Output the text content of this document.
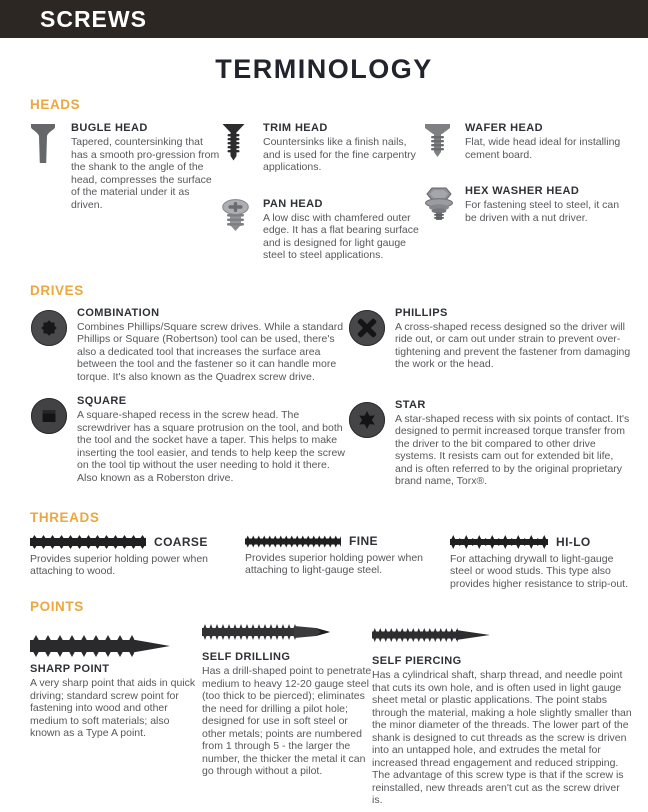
SCREWS
TERMINOLOGY
HEADS
BUGLE HEAD
Tapered, countersinking that has a smooth pro-gression from the shank to the angle of the head, compresses the surface of the material under it as driven.
TRIM HEAD
Countersinks like a finish nails, and is used for the fine carpentry applications.
PAN HEAD
A low disc with chamfered outer edge. It has a flat bearing surface and is designed for light gauge steel to steel applications.
WAFER HEAD
Flat, wide head ideal for installing cement board.
HEX WASHER HEAD
For fastening steel to steel, it can be driven with a nut driver.
DRIVES
COMBINATION
Combines Phillips/Square screw drives. While a standard Phillips or Square (Robertson) tool can be used, there's also a dedicated tool that increases the surface area between the tool and the fastener so it can handle more torque. It's also known as the Quadrex screw drive.
SQUARE
A square-shaped recess in the screw head. The screwdriver has a square protrusion on the tool, and both the tool and the socket have a taper. This helps to make inserting the tool easier, and tends to help keep the screw on the tool tip without the user needing to hold it there. Also known as a Roberston drive.
PHILLIPS
A cross-shaped recess designed so the driver will ride out, or cam out under strain to prevent over-tightening and prevent the fastener from damaging the work or the head.
STAR
A star-shaped recess with six points of contact. It's designed to permit increased torque transfer from the driver to the bit compared to other drive systems. It resists cam out for extended bit life, and is often referred to by the original proprietary brand name, Torx®.
THREADS
COARSE
Provides superior holding power when attaching to wood.
FINE
Provides superior holding power when attaching to light-gauge steel.
HI-LO
For attaching drywall to light-gauge steel or wood studs. This type also provides higher resistance to strip-out.
POINTS
SHARP POINT
A very sharp point that aids in quick driving; standard screw point for fastening into wood and other medium to soft materials; also known as a Type A point.
SELF DRILLING
Has a drill-shaped point to penetrate medium to heavy 12-20 gauge steel (too thick to be pierced); eliminates the need for drilling a pilot hole; designed for use in soft steel or other metals; points are numbered from 1 through 5 - the larger the number, the thicker the metal it can go through without a pilot.
SELF PIERCING
Has a cylindrical shaft, sharp thread, and needle point that cuts its own hole, and is often used in light gauge sheet metal or plastic applications. The point stabs through the material, making a hole slightly smaller than the minor diameter of the threads. The lower part of the shank is designed to cut threads as the screw is driven into an untapped hole, and extrudes the metal for increased thread engagement and reduced stripping. The advantage of this screw type is that if the screw is reinstalled, new threads aren't cut as the screw driver is.
